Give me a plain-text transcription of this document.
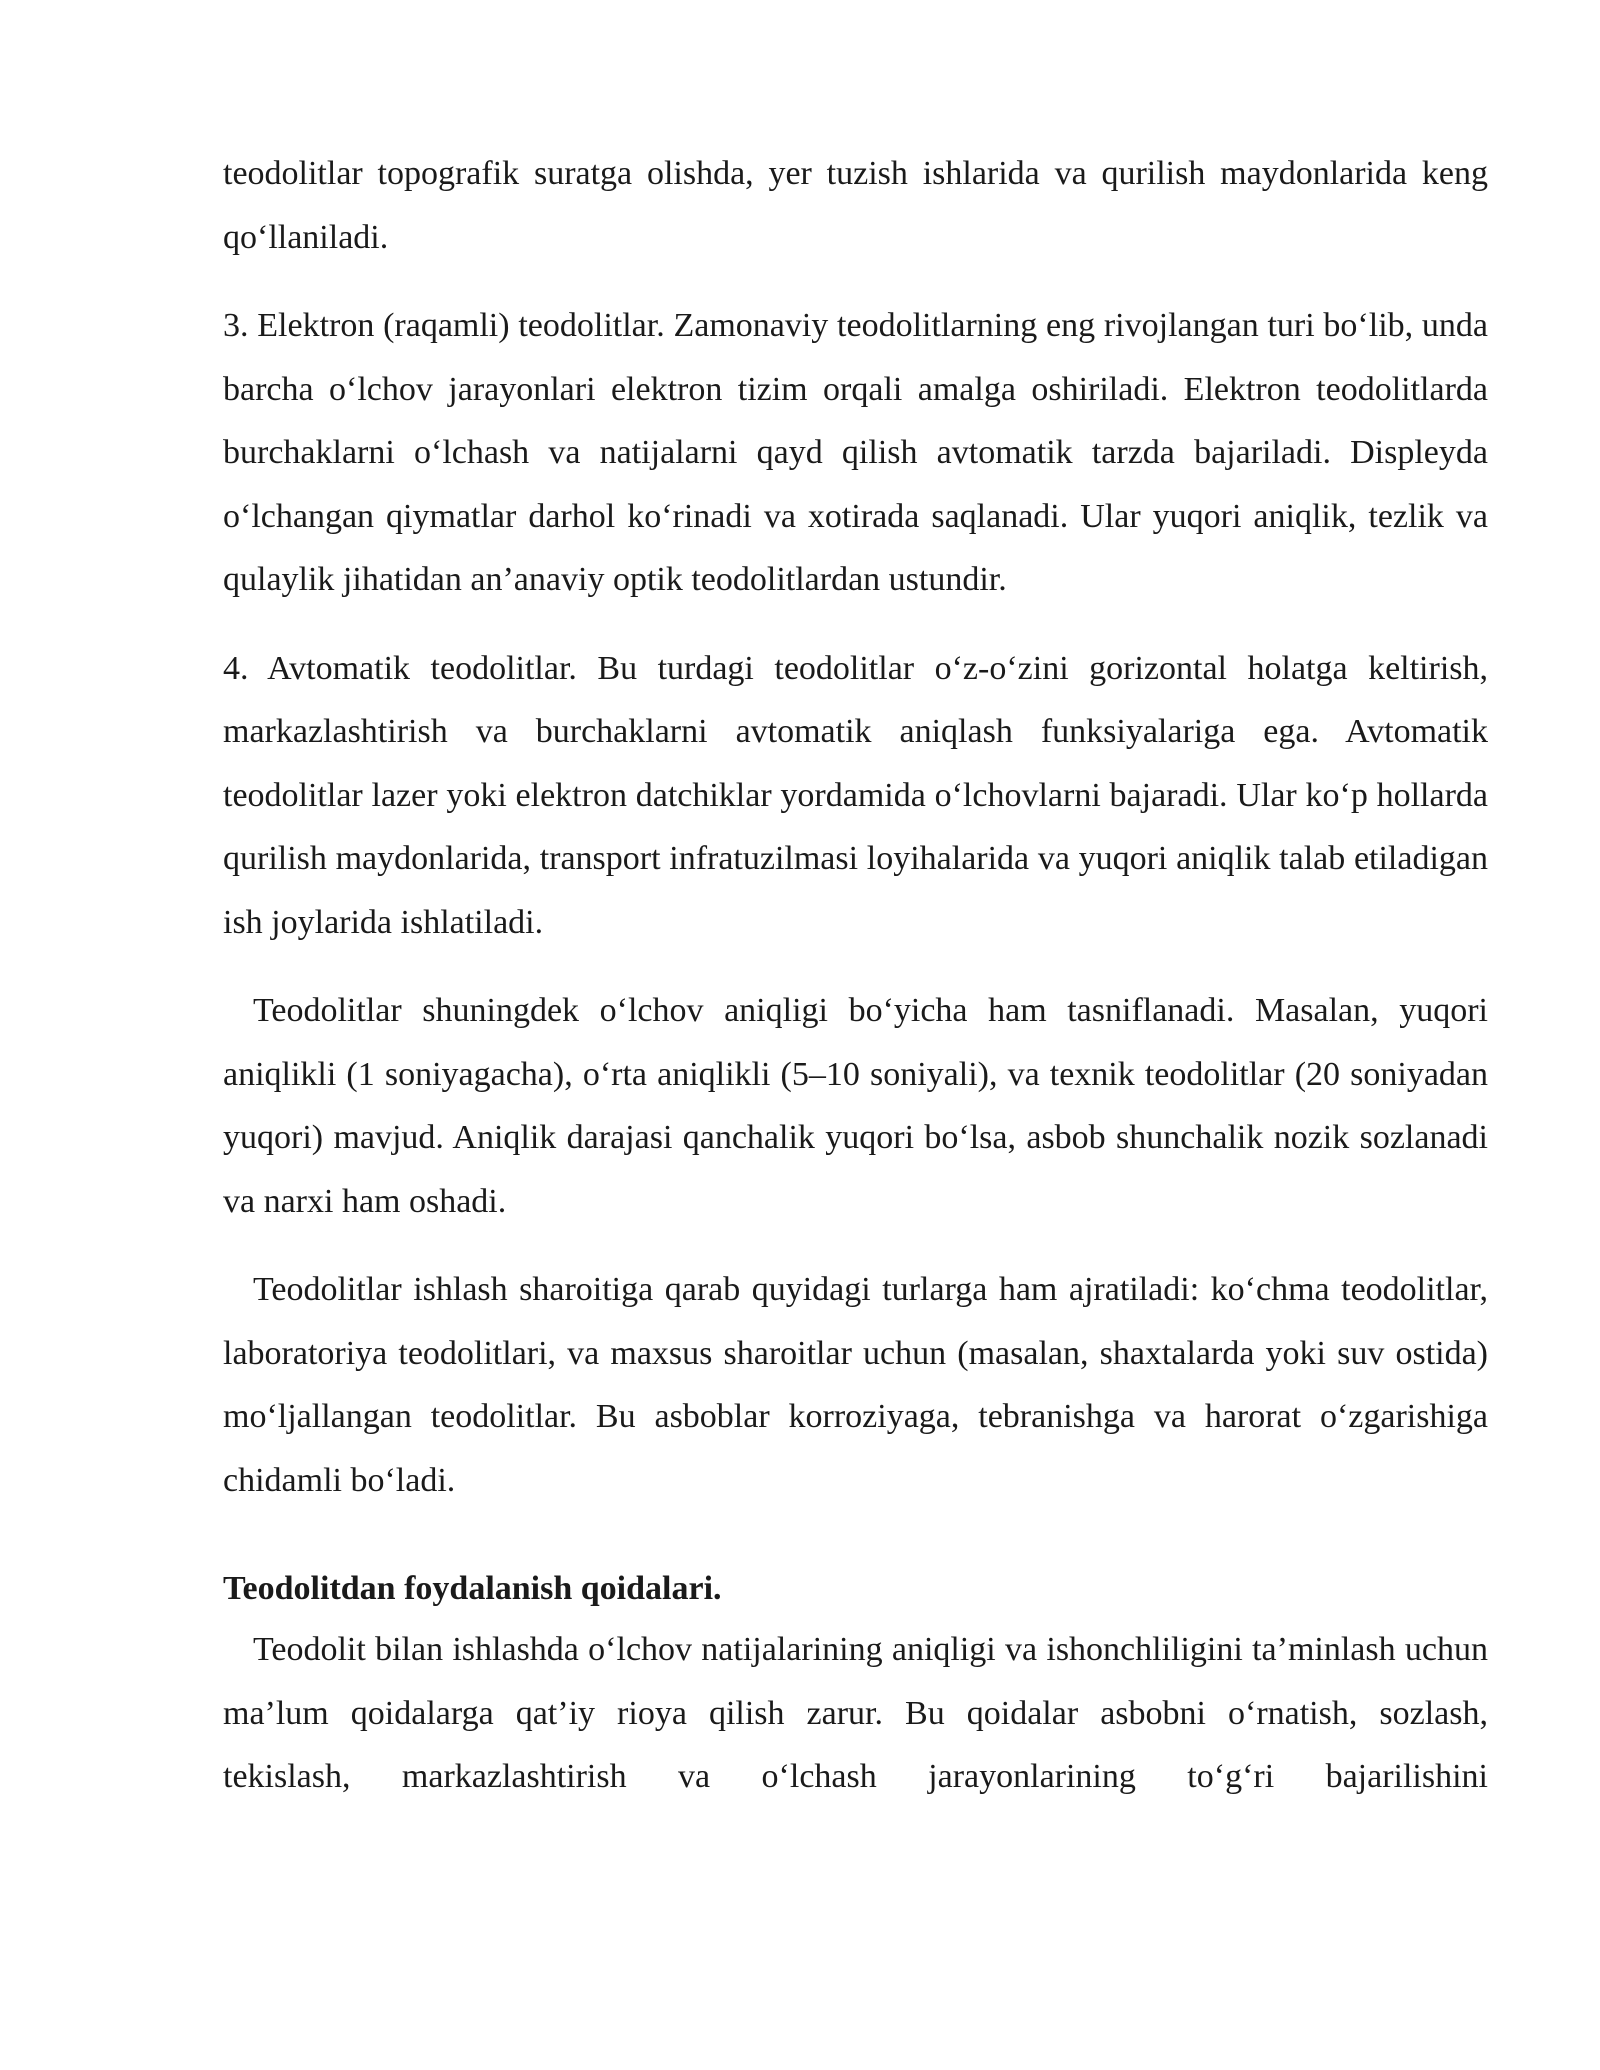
teodolitlar topografik suratga olishda, yer tuzish ishlarida va qurilish maydonlarida keng qo‘llaniladi.

3. Elektron (raqamli) teodolitlar. Zamonaviy teodolitlarning eng rivojlangan turi bo‘lib, unda barcha o‘lchov jarayonlari elektron tizim orqali amalga oshiriladi. Elektron teodolitlarda burchaklarni o‘lchash va natijalarni qayd qilish avtomatik tarzda bajariladi. Displeyda o‘lchangan qiymatlar darhol ko‘rinadi va xotirada saqlanadi. Ular yuqori aniqlik, tezlik va qulaylik jihatidan an’anaviy optik teodolitlardan ustundir.

4. Avtomatik teodolitlar. Bu turdagi teodolitlar o‘z-o‘zini gorizontal holatga keltirish, markazlashtirish va burchaklarni avtomatik aniqlash funksiyalariga ega. Avtomatik teodolitlar lazer yoki elektron datchiklar yordamida o‘lchovlarni bajaradi. Ular ko‘p hollarda qurilish maydonlarida, transport infratuzilmasi loyihalarida va yuqori aniqlik talab etiladigan ish joylarida ishlatiladi.

Teodolitlar shuningdek o‘lchov aniqligi bo‘yicha ham tasniflanadi. Masalan, yuqori aniqlikli (1 soniyagacha), o‘rta aniqlikli (5–10 soniyali), va texnik teodolitlar (20 soniyadan yuqori) mavjud. Aniqlik darajasi qanchalik yuqori bo‘lsa, asbob shunchalik nozik sozlanadi va narxi ham oshadi.

Teodolitlar ishlash sharoitiga qarab quyidagi turlarga ham ajratiladi: ko‘chma teodolitlar, laboratoriya teodolitlari, va maxsus sharoitlar uchun (masalan, shaxtalarda yoki suv ostida) mo‘ljallangan teodolitlar. Bu asboblar korroziyaga, tebranishga va harorat o‘zgarishiga chidamli bo‘ladi.

Teodolitdan foydalanish qoidalari.

Teodolit bilan ishlashda o‘lchov natijalarining aniqligi va ishonchliligini ta’minlash uchun ma’lum qoidalarga qat’iy rioya qilish zarur. Bu qoidalar asbobni o‘rnatish, sozlash, tekislash, markazlashtirish va o‘lchash jarayonlarining to‘g‘ri bajarilishini
